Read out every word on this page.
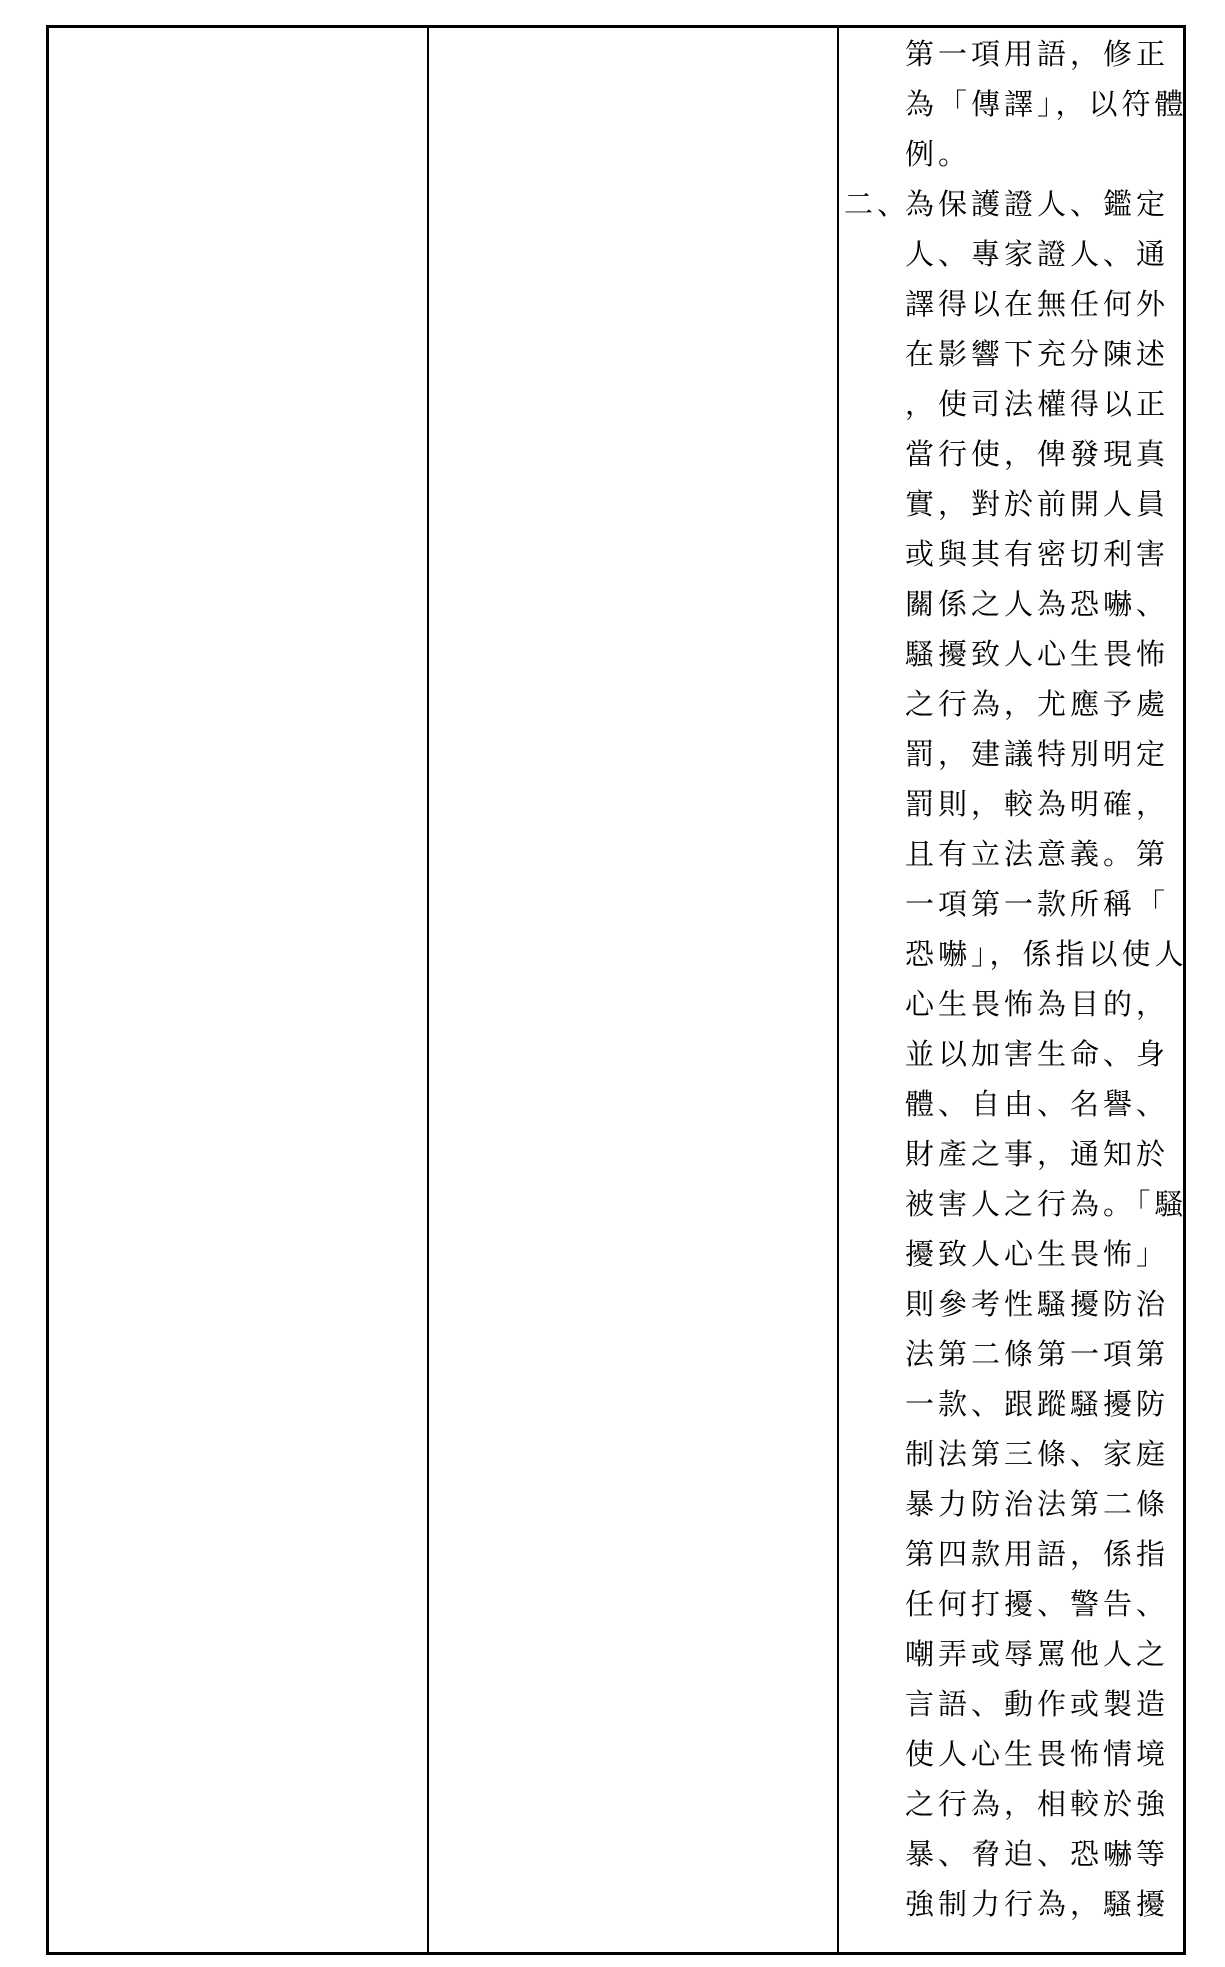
第一項用語，修正
為「傳譯」，以符體
例。
二、
為保護證人、鑑定
人、專家證人、通
譯得以在無任何外
在影響下充分陳述
，使司法權得以正
當行使，俾發現真
實，對於前開人員
或與其有密切利害
關係之人為恐嚇、
騷擾致人心生畏怖
之行為，尤應予處
罰，建議特別明定
罰則，較為明確，
且有立法意義。第
一項第一款所稱「
恐嚇」，係指以使人
心生畏怖為目的，
並以加害生命、身
體、自由、名譽、
財產之事，通知於
被害人之行為。「騷
擾致人心生畏怖」
則參考性騷擾防治
法第二條第一項第
一款、跟蹤騷擾防
制法第三條、家庭
暴力防治法第二條
第四款用語，係指
任何打擾、警告、
嘲弄或辱罵他人之
言語、動作或製造
使人心生畏怖情境
之行為，相較於強
暴、脅迫、恐嚇等
強制力行為，騷擾
